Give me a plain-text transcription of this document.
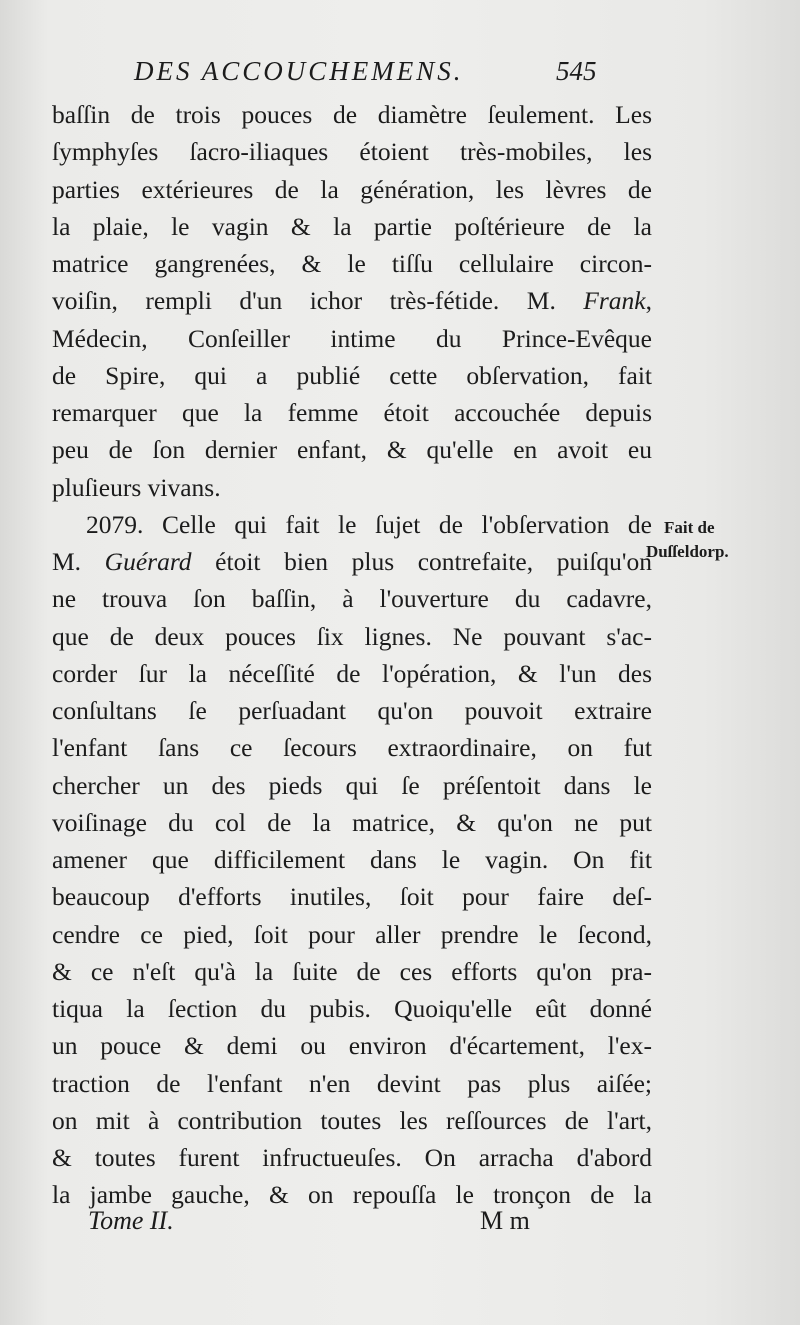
DES ACCOUCHEMENS.	545
baſſin de trois pouces de diamètre ſeulement. Les
ſymphyſes ſacro-iliaques étoient très-mobiles, les
parties extérieures de la génération, les lèvres de
la plaie, le vagin & la partie poſtérieure de la
matrice gangrenées, & le tiſſu cellulaire circon-
voiſin, rempli d'un ichor très-fétide. M. Frank,
Médecin, Conſeiller intime du Prince-Evêque
de Spire, qui a publié cette obſervation, fait
remarquer que la femme étoit accouchée depuis
peu de ſon dernier enfant, & qu'elle en avoit eu
pluſieurs vivans.
2079. Celle qui fait le ſujet de l'obſervation de
M. Guérard étoit bien plus contrefaite, puiſqu'on
ne trouva ſon baſſin, à l'ouverture du cadavre,
que de deux pouces ſix lignes. Ne pouvant s'ac-
corder ſur la néceſſité de l'opération, & l'un des
conſultans ſe perſuadant qu'on pouvoit extraire
l'enfant ſans ce ſecours extraordinaire, on fut
chercher un des pieds qui ſe préſentoit dans le
voiſinage du col de la matrice, & qu'on ne put
amener que difficilement dans le vagin. On fit
beaucoup d'efforts inutiles, ſoit pour faire deſ-
cendre ce pied, ſoit pour aller prendre le ſecond,
& ce n'eſt qu'à la ſuite de ces efforts qu'on pra-
tiqua la ſection du pubis. Quoiqu'elle eût donné
un pouce & demi ou environ d'écartement, l'ex-
traction de l'enfant n'en devint pas plus aiſée;
on mit à contribution toutes les reſſources de l'art,
& toutes furent infructueuſes. On arracha d'abord
la jambe gauche, & on repouſſa le tronçon de la
Fait de
Duſſeldorp.
Tome II.	M m
